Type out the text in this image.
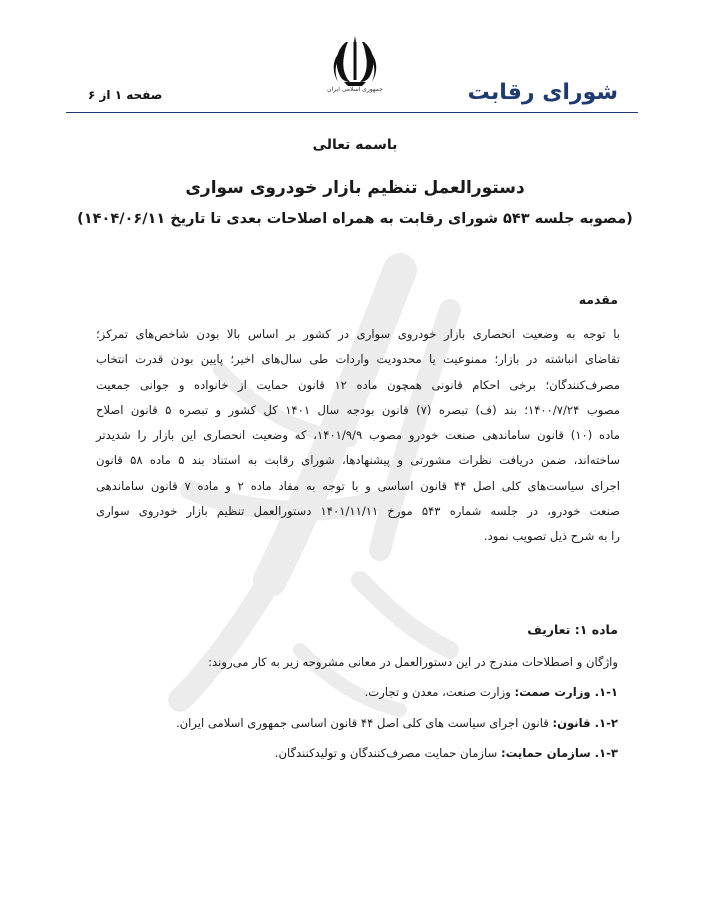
جمهوری اسلامی ایران	شورای رقابت
صفحه ۱ از ۶
باسمه تعالی
دستورالعمل تنظیم بازار خودروی سواری
(مصوبه جلسه ۵۴۳ شورای رقابت به همراه اصلاحات بعدی تا تاریخ ۱۴۰۴/۰۶/۱۱)
مقدمه
با توجه به وضعیت انحصاری بازار خودروی سواری در کشور بر اساس بالا بودن شاخص‌های تمرکز؛
تقاضای انباشته در بازار؛ ممنوعیت یا محدودیت واردات طی سال‌های اخیر؛ پایین بودن قدرت انتخاب
مصرف‌کنندگان؛ برخی احکام قانونی همچون ماده ۱۲ قانون حمایت از خانواده و جوانی جمعیت
مصوب ۱۴۰۰/۷/۲۴؛ بند (ف) تبصره (۷) قانون بودجه سال ۱۴۰۱ کل کشور و تبصره ۵ قانون اصلاح
ماده (۱۰) قانون ساماندهی صنعت خودرو مصوب ۱۴۰۱/۹/۹، که وضعیت انحصاری این بازار را شدیدتر
ساخته‌اند، ضمن دریافت نظرات مشورتی و پیشنهادها، شورای رقابت به استناد بند ۵ ماده ۵۸ قانون
اجرای سیاست‌های کلی اصل ۴۴ قانون اساسی و با توجه به مفاد ماده ۲ و ماده ۷ قانون ساماندهی
صنعت خودرو، در جلسه شماره ۵۴۳ مورخ ۱۴۰۱/۱۱/۱۱ دستورالعمل تنظیم بازار خودروی سواری
را به شرح ذیل تصویب نمود.
ماده ۱: تعاریف
واژگان و اصطلاحات مندرج در این دستورالعمل در معانی مشروحه زیر به کار می‌روند:
۱-۱. وزارت صمت: وزارت صنعت، معدن و تجارت.
۱-۲. قانون: قانون اجرای سیاست های کلی اصل ۴۴ قانون اساسی جمهوری اسلامی ایران.
۱-۳. سازمان حمایت: سازمان حمایت مصرف‌کنندگان و تولیدکنندگان.
